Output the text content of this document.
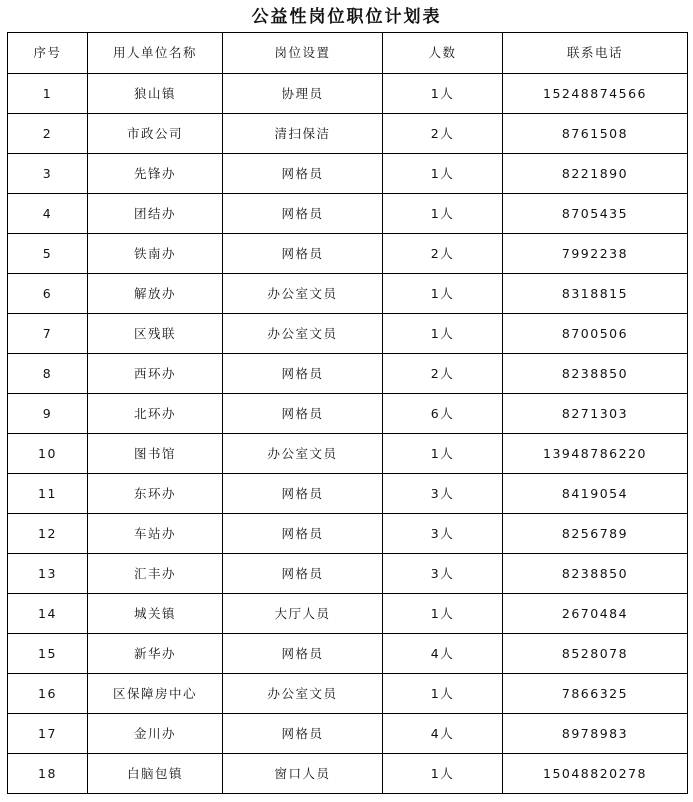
公益性岗位职位计划表
序号	用人单位名称	岗位设置	人数	联系电话
1	狼山镇	协理员	1人	15248874566
2	市政公司	清扫保洁	2人	8761508
3	先锋办	网格员	1人	8221890
4	团结办	网格员	1人	8705435
5	铁南办	网格员	2人	7992238
6	解放办	办公室文员	1人	8318815
7	区残联	办公室文员	1人	8700506
8	西环办	网格员	2人	8238850
9	北环办	网格员	6人	8271303
10	图书馆	办公室文员	1人	13948786220
11	东环办	网格员	3人	8419054
12	车站办	网格员	3人	8256789
13	汇丰办	网格员	3人	8238850
14	城关镇	大厅人员	1人	2670484
15	新华办	网格员	4人	8528078
16	区保障房中心	办公室文员	1人	7866325
17	金川办	网格员	4人	8978983
18	白脑包镇	窗口人员	1人	15048820278
